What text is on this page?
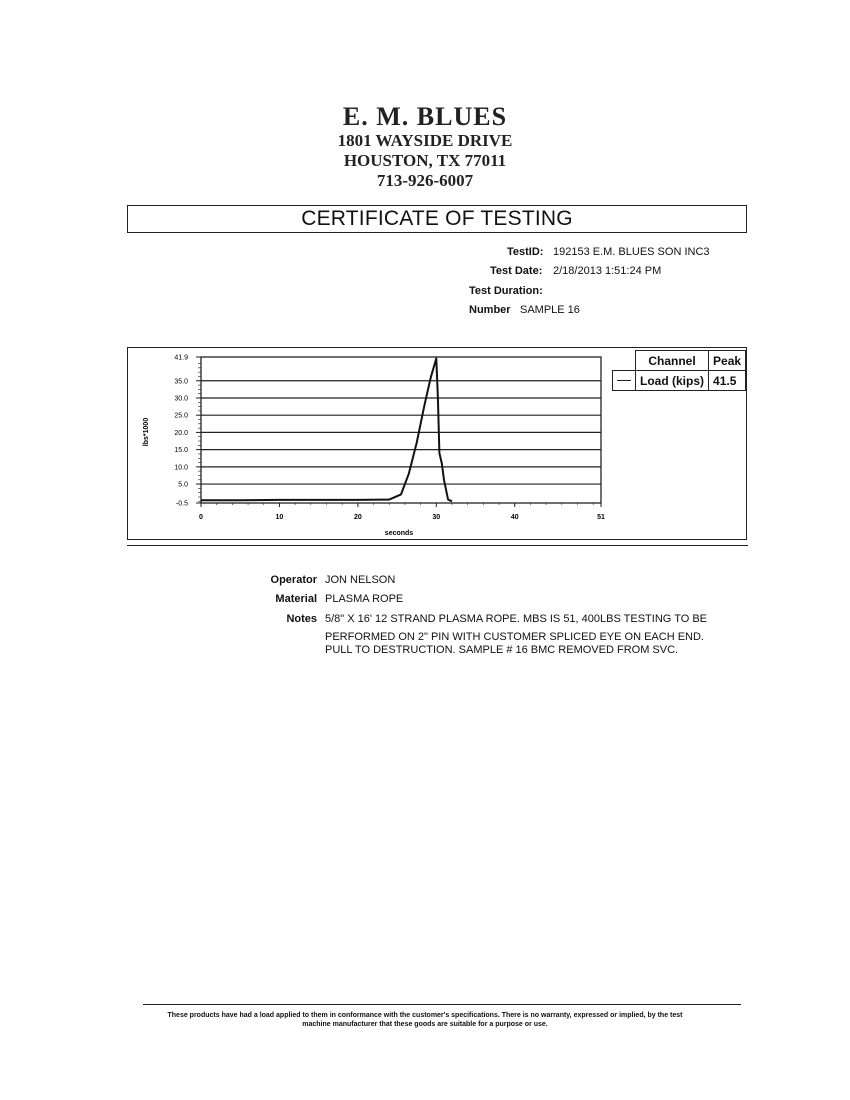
E. M. BLUES
1801 WAYSIDE DRIVE
HOUSTON, TX 77011
713-926-6007
CERTIFICATE OF TESTING
TestID: 192153 E.M. BLUES SON INC3
Test Date: 2/18/2013 1:51:24 PM
Test Duration:
Number SAMPLE 16
-0.5
5.0
10.0
15.0
20.0
25.0
30.0
35.0
41.9
0	10	20	30	40	51
seconds
lbs*1000
	Channel	Peak

	Load (kips)	41.5
Operator JON NELSON
Material PLASMA ROPE
Notes 5/8" X 16' 12 STRAND PLASMA ROPE. MBS IS 51, 400LBS TESTING TO BE
PERFORMED ON 2" PIN WITH CUSTOMER SPLICED EYE ON EACH END.
PULL TO DESTRUCTION. SAMPLE # 16 BMC REMOVED FROM SVC.
These products have had a load applied to them in conformance with the customer's specifications. There is no warranty, expressed or implied, by the test
machine manufacturer that these goods are suitable for a purpose or use.
